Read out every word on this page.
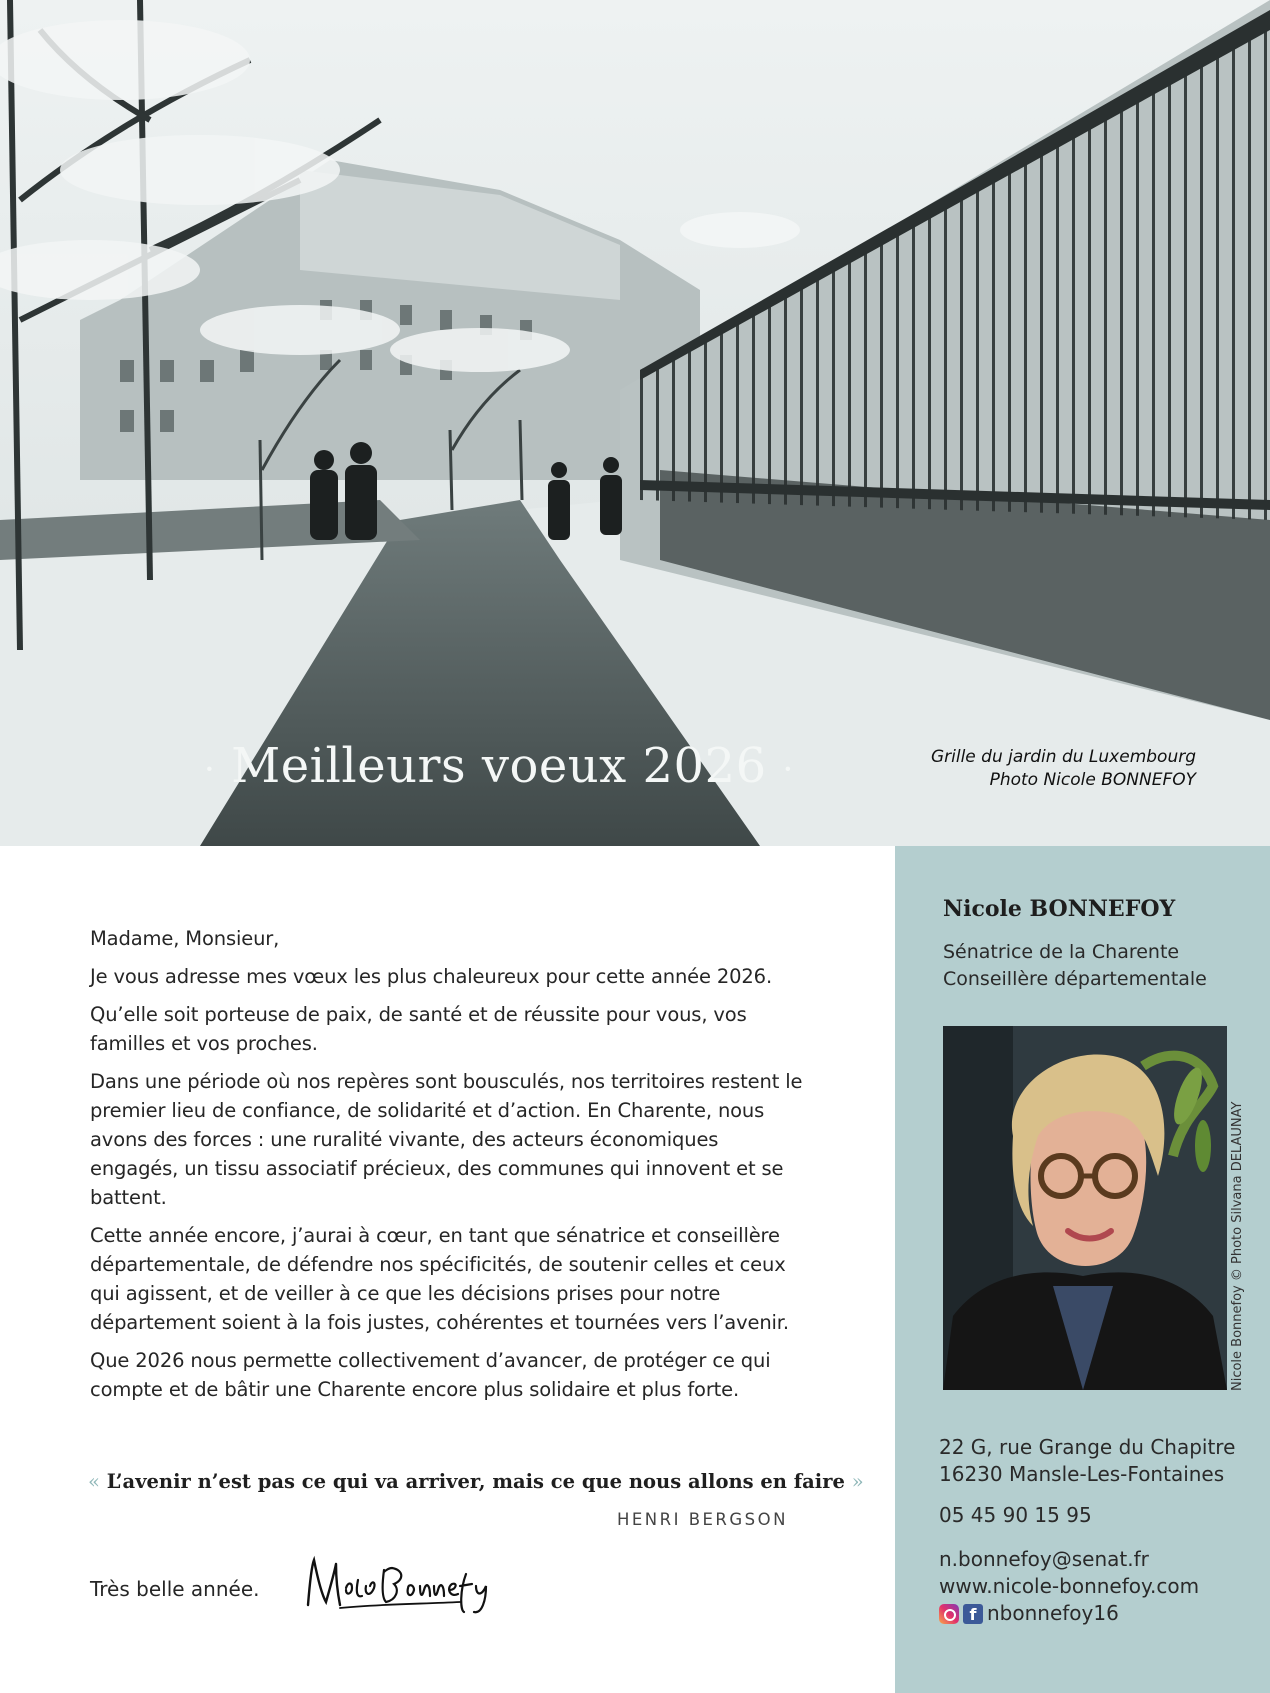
· Meilleurs voeux 2026 ·	Grille du jardin du Luxembourg
Photo Nicole BONNEFOY

Madame, Monsieur,

Je vous adresse mes vœux les plus chaleureux pour cette année 2026.

Qu’elle soit porteuse de paix, de santé et de réussite pour vous, vos familles et vos proches.

Dans une période où nos repères sont bousculés, nos territoires restent le premier lieu de confiance, de solidarité et d’action. En Charente, nous avons des forces : une ruralité vivante, des acteurs économiques engagés, un tissu associatif précieux, des communes qui innovent et se battent.

Cette année encore, j’aurai à cœur, en tant que sénatrice et conseillère départementale, de défendre nos spécificités, de soutenir celles et ceux qui agissent, et de veiller à ce que les décisions prises pour notre département soient à la fois justes, cohérentes et tournées vers l’avenir.

Que 2026 nous permette collectivement d’avancer, de protéger ce qui compte et de bâtir une Charente encore plus solidaire et plus forte.

« L’avenir n’est pas ce qui va arriver, mais ce que nous allons en faire »
HENRI BERGSON
Très belle année.
Nicole BONNEFOY
Sénatrice de la Charente
Conseillère départementale
Nicole Bonnefoy © Photo Silvana DELAUNAY
22 G, rue Grange du Chapitre
16230 Mansle-Les-Fontaines
05 45 90 15 95
n.bonnefoy@senat.fr
www.nicole-bonnefoy.com
f nbonnefoy16
